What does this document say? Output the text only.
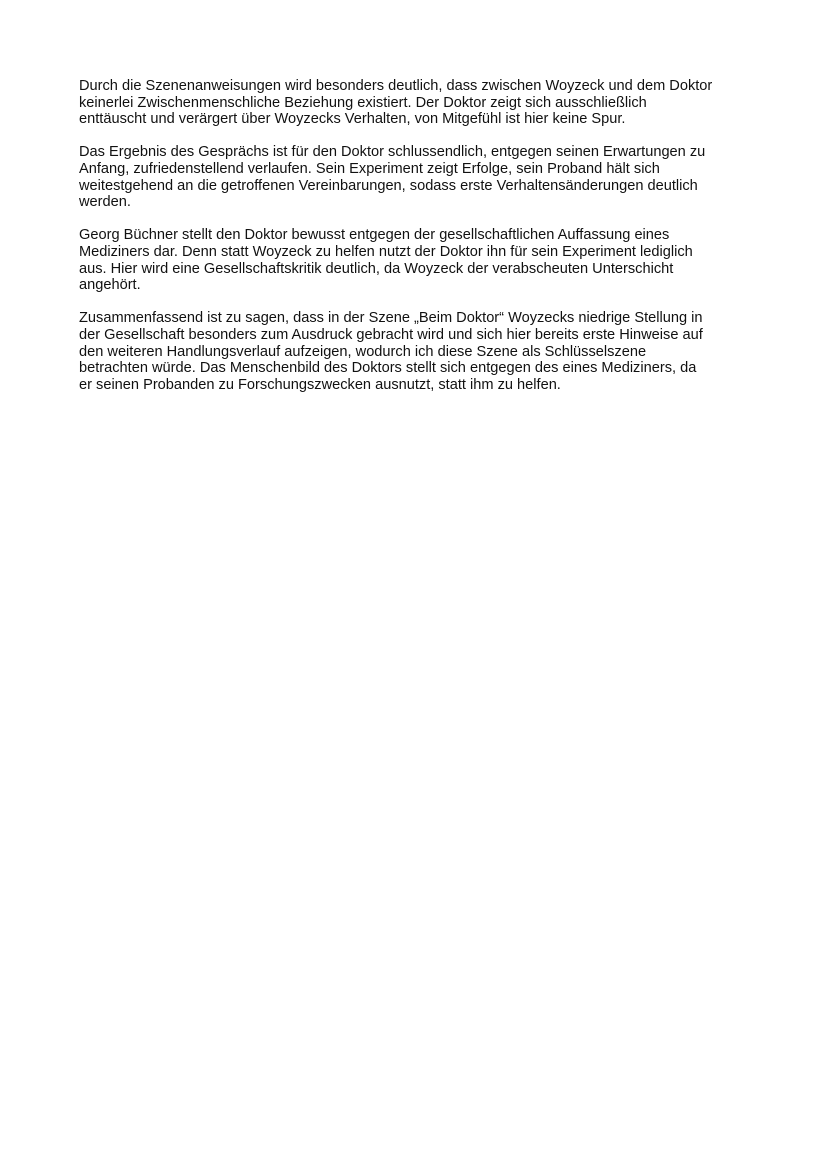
Durch die Szenenanweisungen wird besonders deutlich, dass zwischen Woyzeck und dem Doktor
keinerlei Zwischenmenschliche Beziehung existiert. Der Doktor zeigt sich ausschließlich
enttäuscht und verärgert über Woyzecks Verhalten, von Mitgefühl ist hier keine Spur.

Das Ergebnis des Gesprächs ist für den Doktor schlussendlich, entgegen seinen Erwartungen zu
Anfang, zufriedenstellend verlaufen. Sein Experiment zeigt Erfolge, sein Proband hält sich
weitestgehend an die getroffenen Vereinbarungen, sodass erste Verhaltensänderungen deutlich
werden.

Georg Büchner stellt den Doktor bewusst entgegen der gesellschaftlichen Auffassung eines
Mediziners dar. Denn statt Woyzeck zu helfen nutzt der Doktor ihn für sein Experiment lediglich
aus. Hier wird eine Gesellschaftskritik deutlich, da Woyzeck der verabscheuten Unterschicht
angehört.

Zusammenfassend ist zu sagen, dass in der Szene „Beim Doktor“ Woyzecks niedrige Stellung in
der Gesellschaft besonders zum Ausdruck gebracht wird und sich hier bereits erste Hinweise auf
den weiteren Handlungsverlauf aufzeigen, wodurch ich diese Szene als Schlüsselszene
betrachten würde. Das Menschenbild des Doktors stellt sich entgegen des eines Mediziners, da
er seinen Probanden zu Forschungszwecken ausnutzt, statt ihm zu helfen.
